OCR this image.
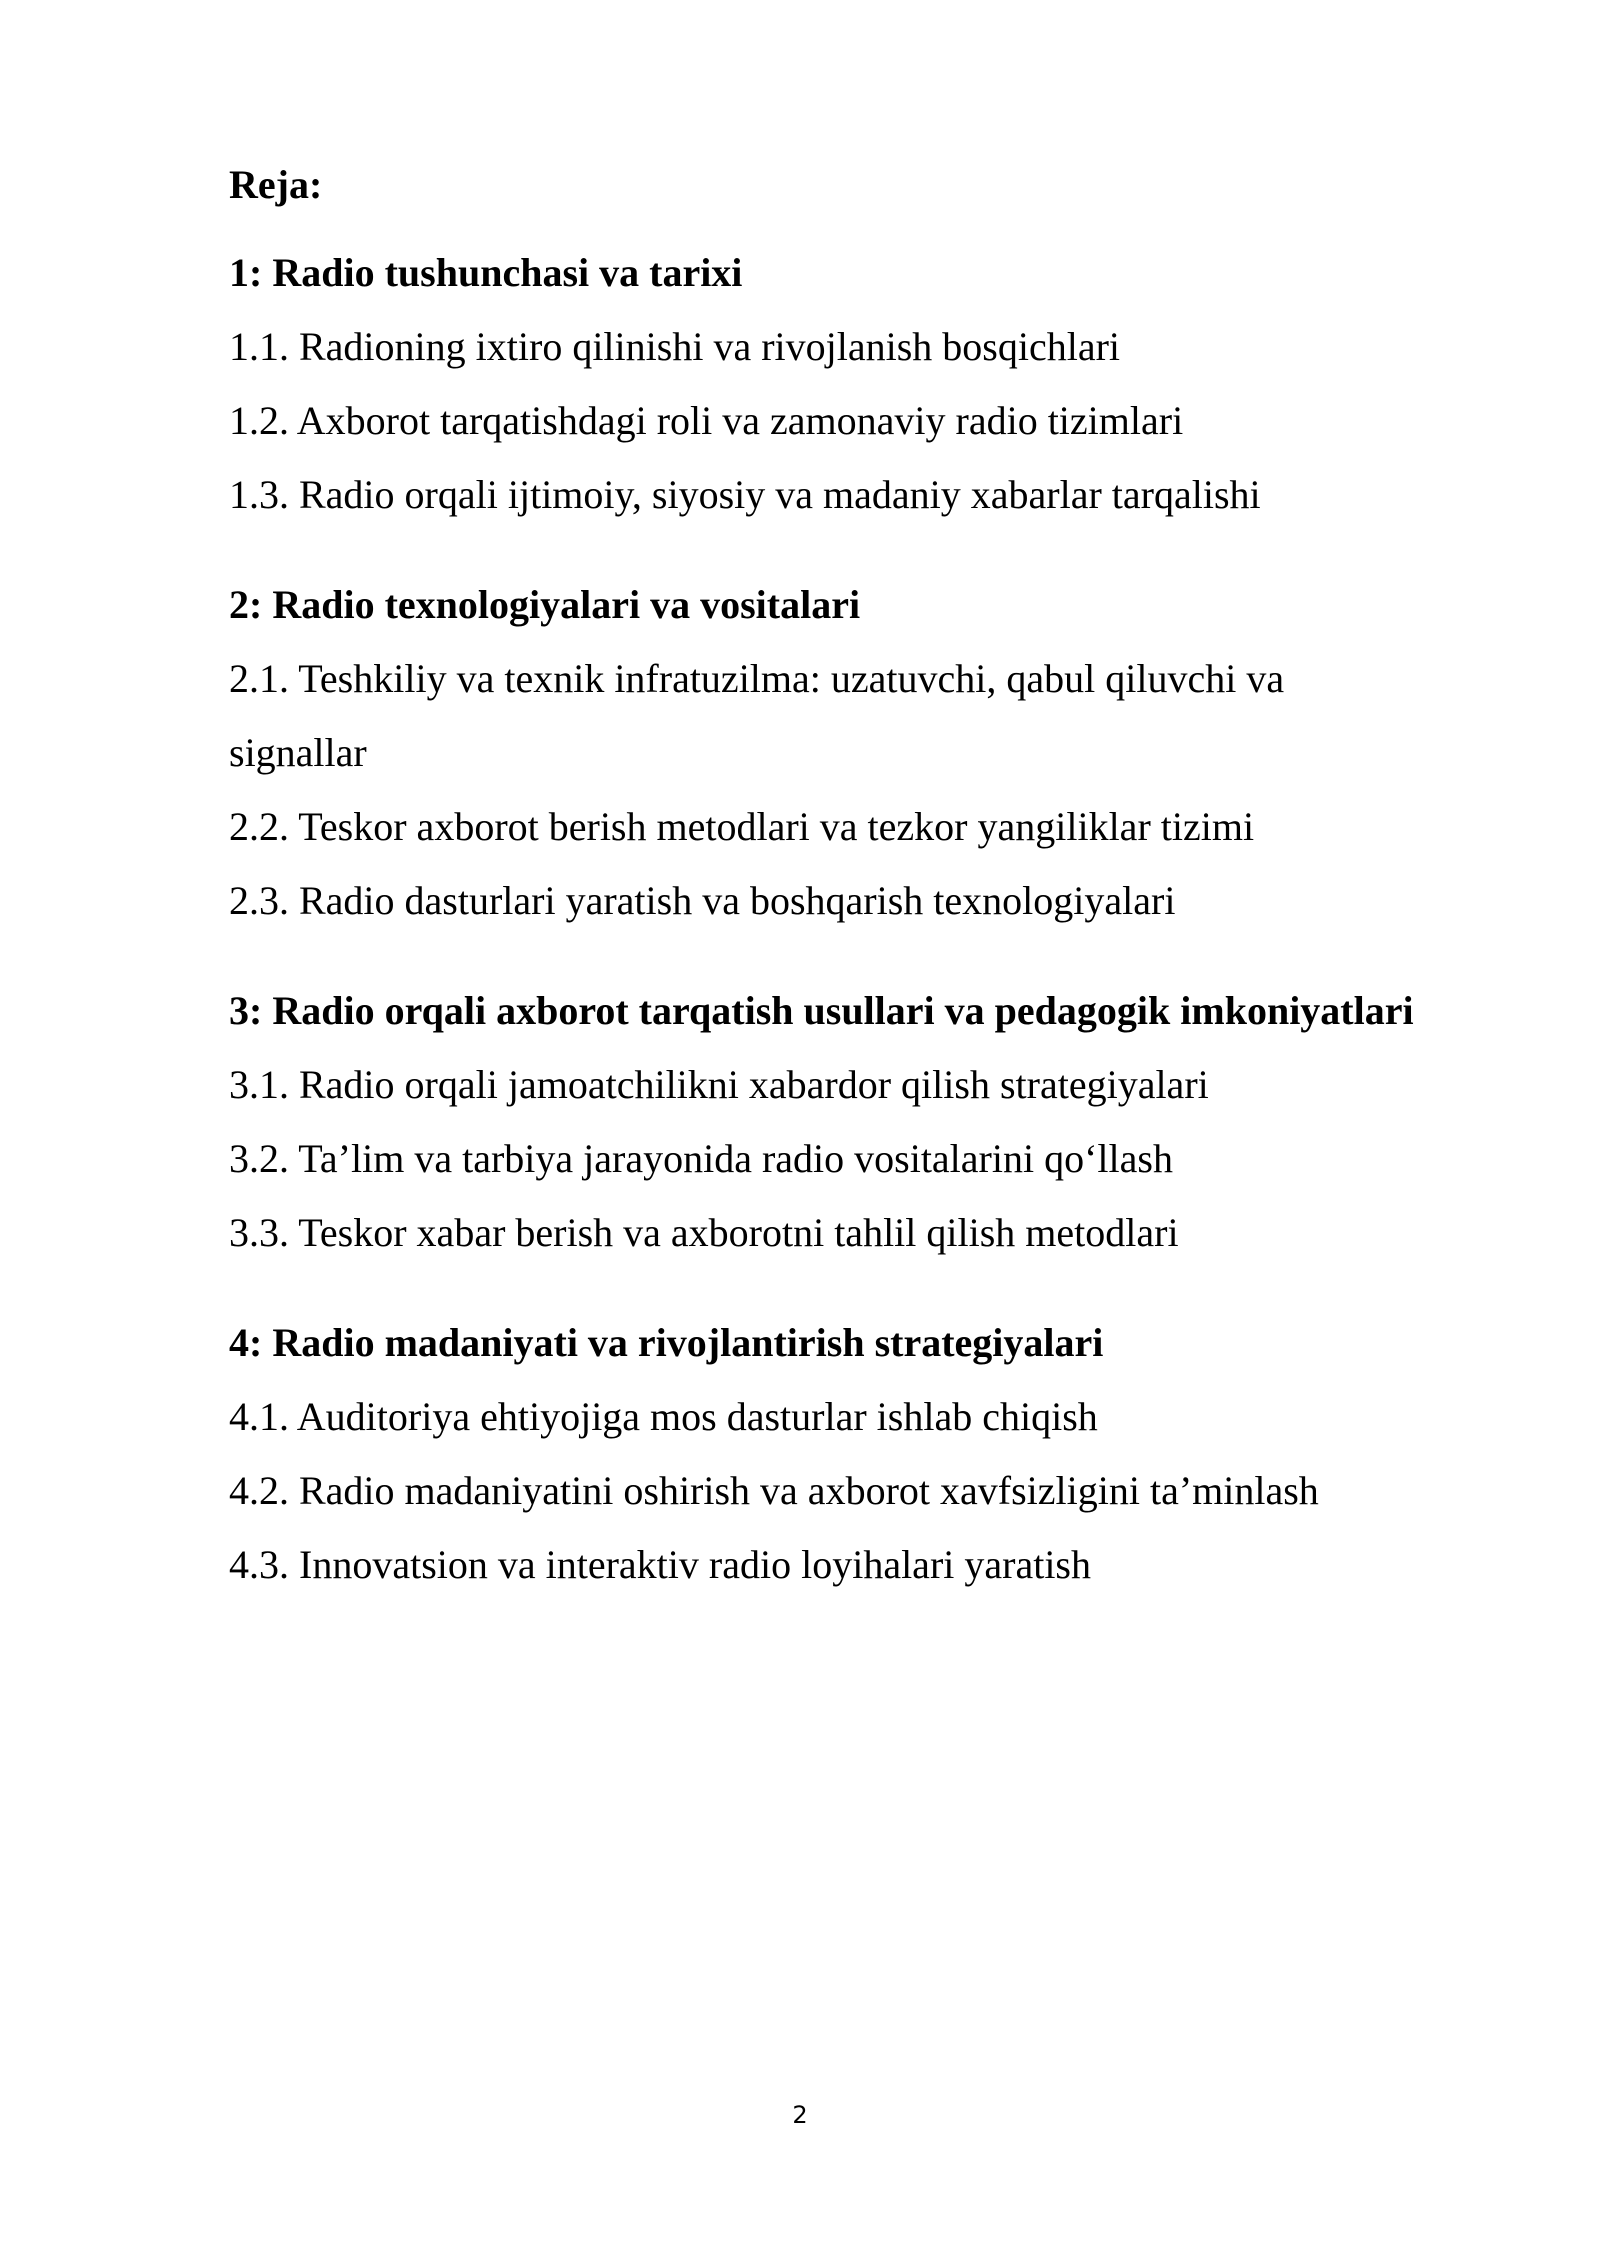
Reja:
1: Radio tushunchasi va tarixi
1.1. Radioning ixtiro qilinishi va rivojlanish bosqichlari
1.2. Axborot tarqatishdagi roli va zamonaviy radio tizimlari
1.3. Radio orqali ijtimoiy, siyosiy va madaniy xabarlar tarqalishi
2: Radio texnologiyalari va vositalari
2.1. Teshkiliy va texnik infratuzilma: uzatuvchi, qabul qiluvchi va signallar
2.2. Teskor axborot berish metodlari va tezkor yangiliklar tizimi
2.3. Radio dasturlari yaratish va boshqarish texnologiyalari
3: Radio orqali axborot tarqatish usullari va pedagogik imkoniyatlari
3.1. Radio orqali jamoatchilikni xabardor qilish strategiyalari
3.2. Ta’lim va tarbiya jarayonida radio vositalarini qo‘llash
3.3. Teskor xabar berish va axborotni tahlil qilish metodlari
4: Radio madaniyati va rivojlantirish strategiyalari
4.1. Auditoriya ehtiyojiga mos dasturlar ishlab chiqish
4.2. Radio madaniyatini oshirish va axborot xavfsizligini ta’minlash
4.3. Innovatsion va interaktiv radio loyihalari yaratish
2
